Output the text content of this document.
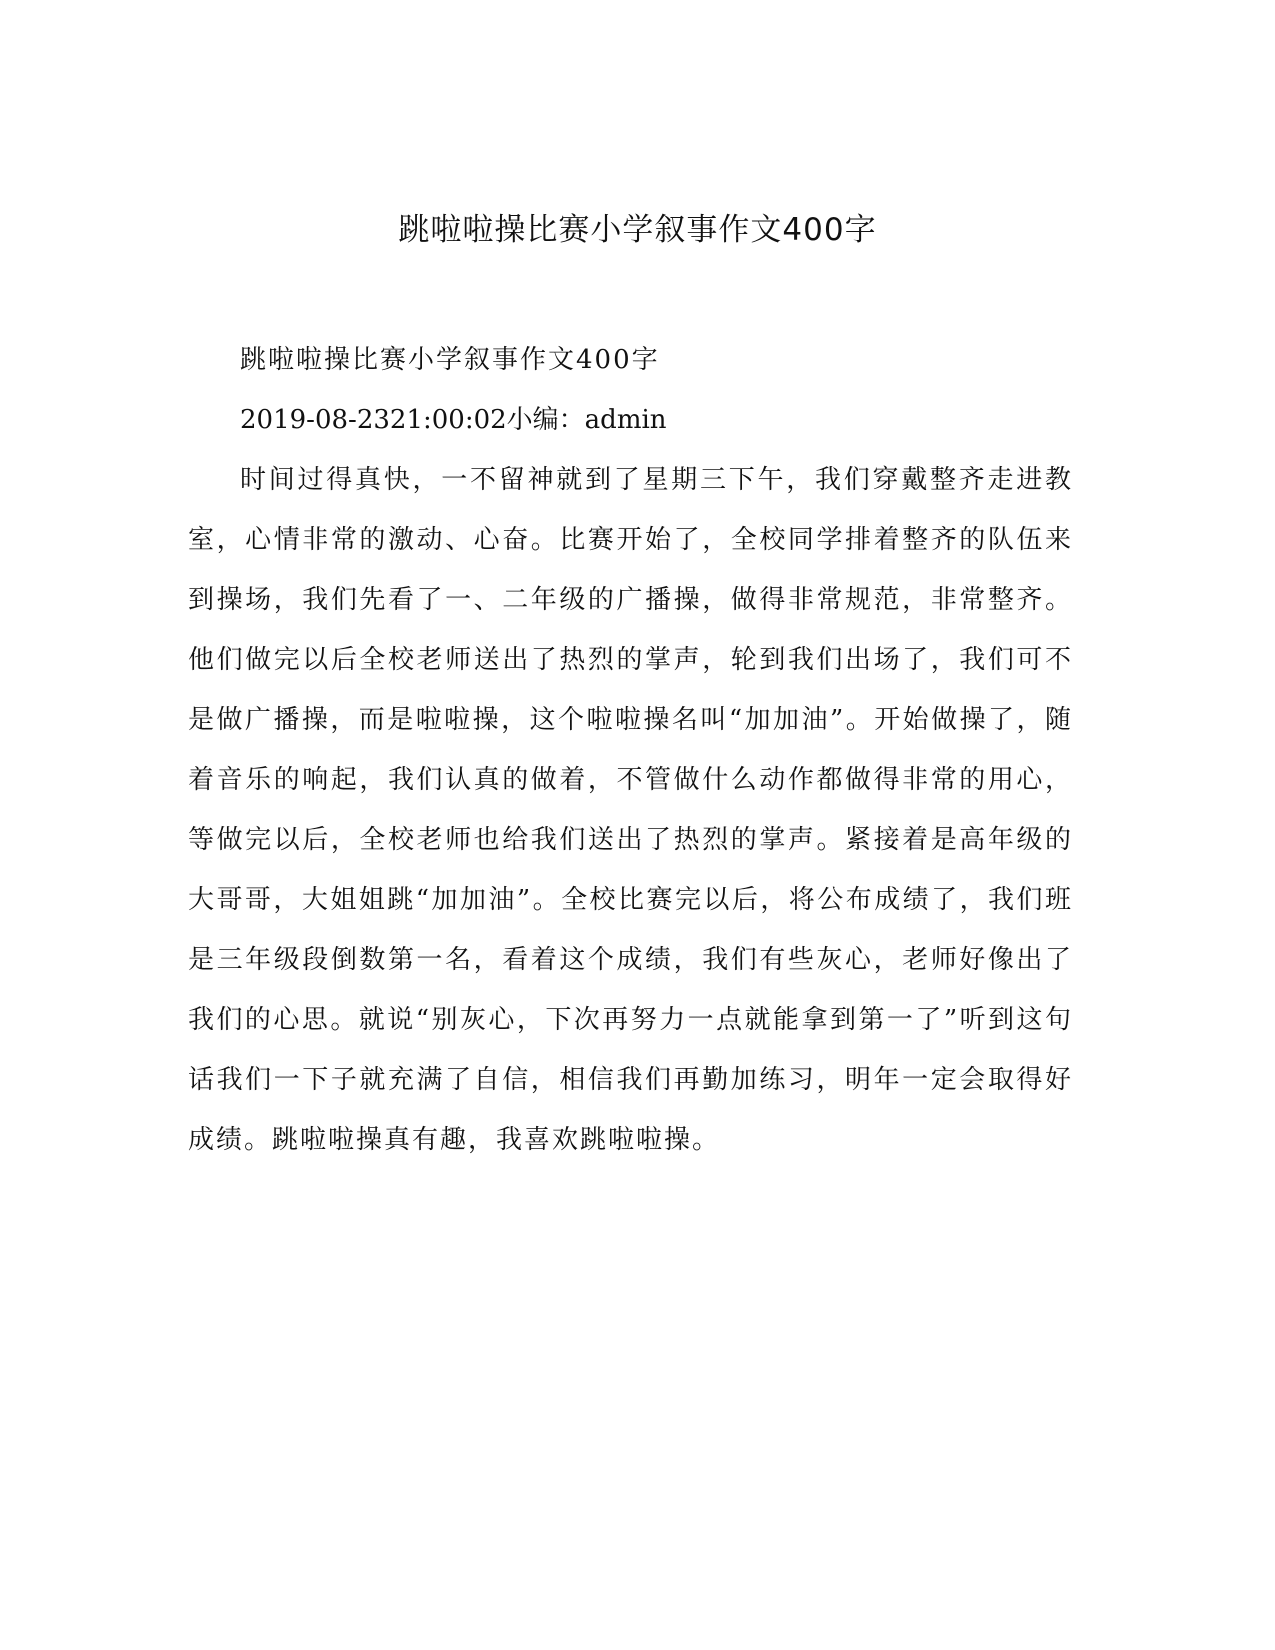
跳啦啦操比赛小学叙事作文400字

跳啦啦操比赛小学叙事作文400字

2019-08-2321:00:02小编：admin

时间过得真快，一不留神就到了星期三下午，我们穿戴整齐走进教室，心情非常的激动、心奋。比赛开始了，全校同学排着整齐的队伍来到操场，我们先看了一、二年级的广播操，做得非常规范，非常整齐。他们做完以后全校老师送出了热烈的掌声，轮到我们出场了，我们可不是做广播操，而是啦啦操，这个啦啦操名叫“加加油”。开始做操了，随着音乐的响起，我们认真的做着，不管做什么动作都做得非常的用心，等做完以后，全校老师也给我们送出了热烈的掌声。紧接着是高年级的大哥哥，大姐姐跳“加加油”。全校比赛完以后，将公布成绩了，我们班是三年级段倒数第一名，看着这个成绩，我们有些灰心，老师好像出了我们的心思。就说“别灰心，下次再努力一点就能拿到第一了”听到这句话我们一下子就充满了自信，相信我们再勤加练习，明年一定会取得好成绩。跳啦啦操真有趣，我喜欢跳啦啦操。
